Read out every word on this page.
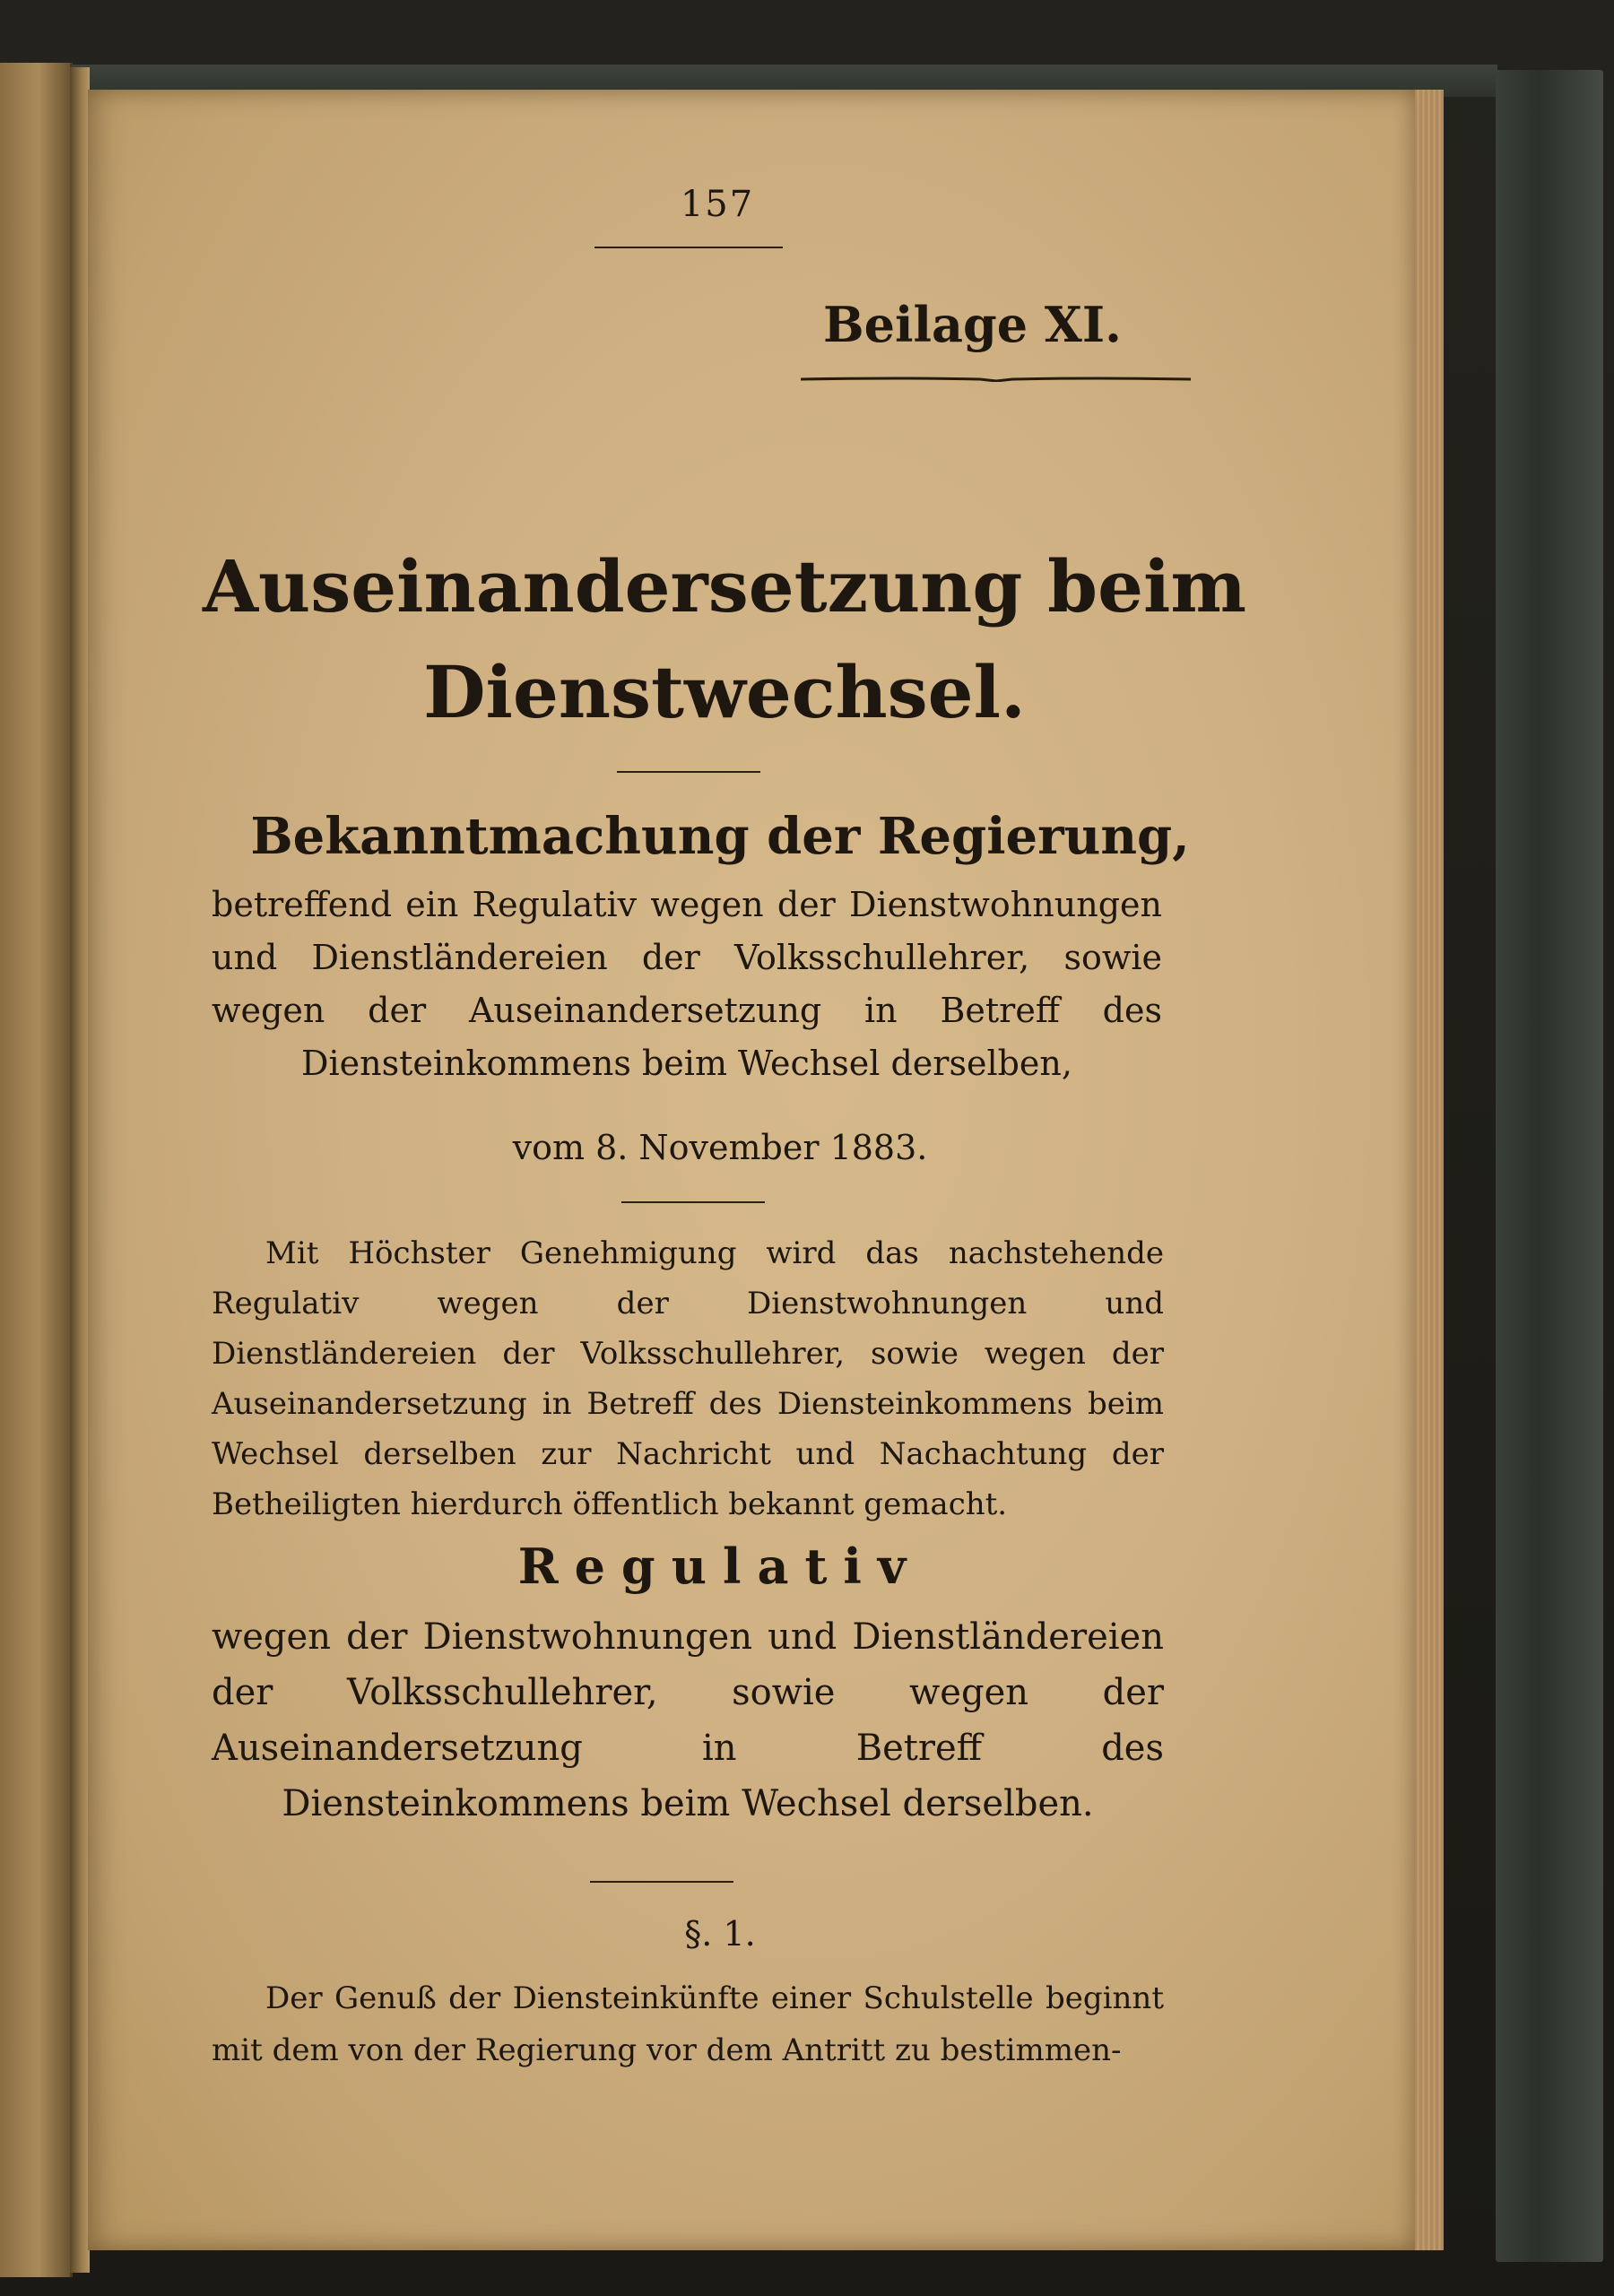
157
Beilage XI.
Auseinandersetzung beim
Dienstwechsel.
Bekanntmachung der Regierung,
betreffend ein Regulativ wegen der Dienstwohnungen und Dienstländereien der Volksschullehrer, sowie wegen der Auseinandersetzung in Betreff des Diensteinkommens beim Wechsel derselben,
vom 8. November 1883.
Mit Höchster Genehmigung wird das nachstehende Regulativ wegen der Dienstwohnungen und Dienstländereien der Volksschullehrer, sowie wegen der Auseinandersetzung in Betreff des Diensteinkommens beim Wechsel derselben zur Nachricht und Nachachtung der Betheiligten hierdurch öffentlich bekannt gemacht.
Regulativ
wegen der Dienstwohnungen und Dienstländereien der Volksschullehrer, sowie wegen der Auseinandersetzung in Betreff des Diensteinkommens beim Wechsel derselben.
§. 1.
Der Genuß der Diensteinkünfte einer Schulstelle beginnt mit dem von der Regierung vor dem Antritt zu bestimmen-
